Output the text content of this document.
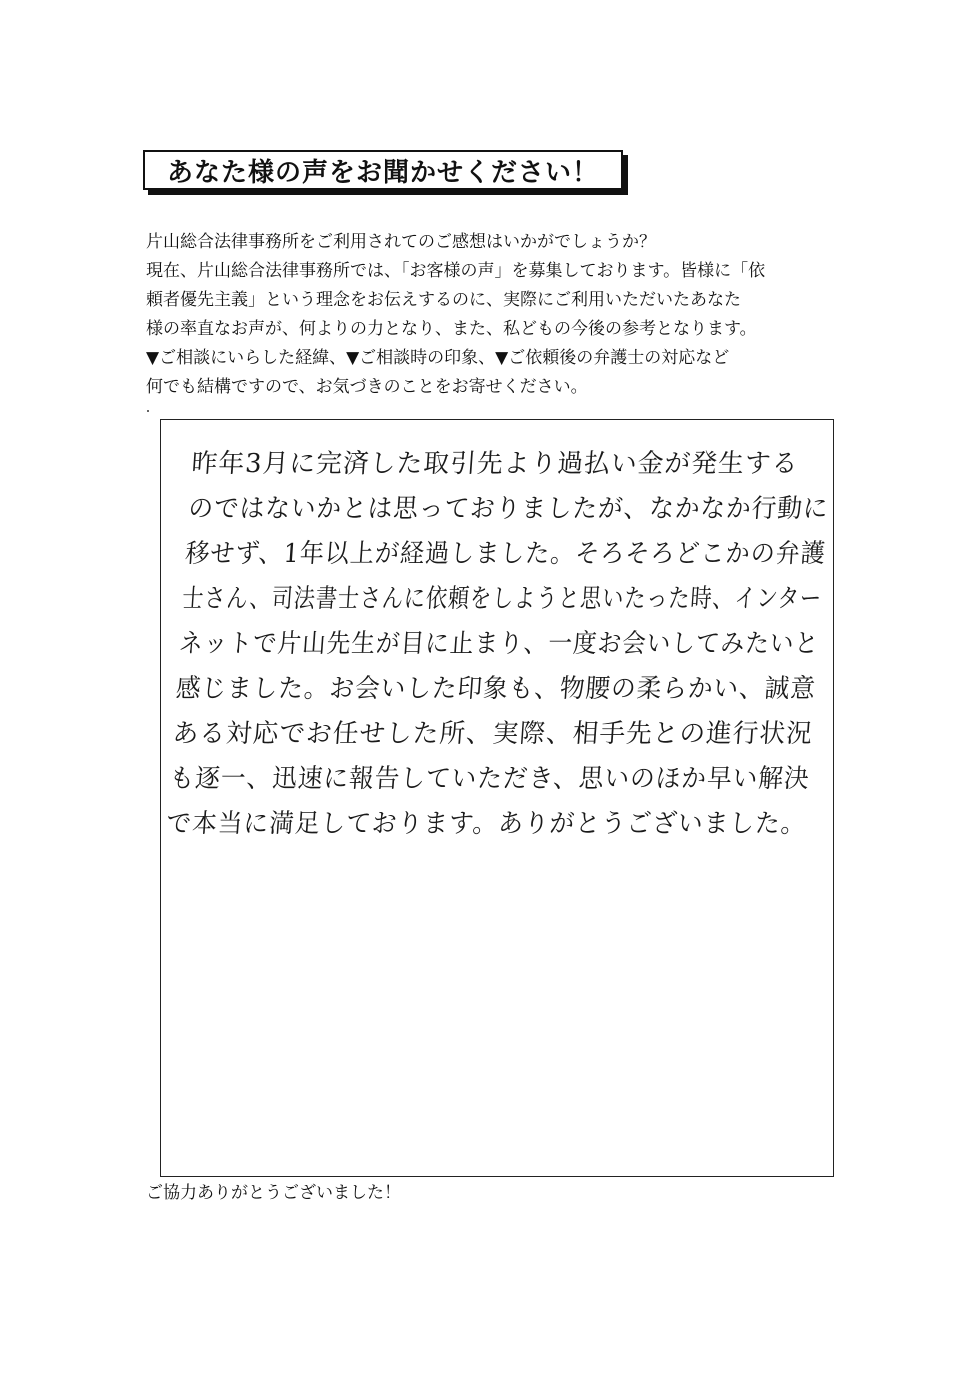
あなた様の声をお聞かせください！

片山総合法律事務所をご利用されてのご感想はいかがでしょうか？

現在、片山総合法律事務所では、「お客様の声」を募集しております。皆様に「依

頼者優先主義」という理念をお伝えするのに、実際にご利用いただいたあなた

様の率直なお声が、何よりの力となり、また、私どもの今後の参考となります。

▼ご相談にいらした経緯、▼ご相談時の印象、▼ご依頼後の弁護士の対応など

何でも結構ですので、お気づきのことをお寄せください。

昨年3月に完済した取引先より過払い金が発生する
のではないかとは思っておりましたが、なかなか行動に
移せず、1年以上が経過しました。そろそろどこかの弁護
士さん、司法書士さんに依頼をしようと思いたった時、インター
ネットで片山先生が目に止まり、一度お会いしてみたいと
感じました。お会いした印象も、物腰の柔らかい、誠意
ある対応でお任せした所、実際、相手先との進行状況
も逐一、迅速に報告していただき、思いのほか早い解決
で本当に満足しております。ありがとうございました。
ご協力ありがとうございました！
